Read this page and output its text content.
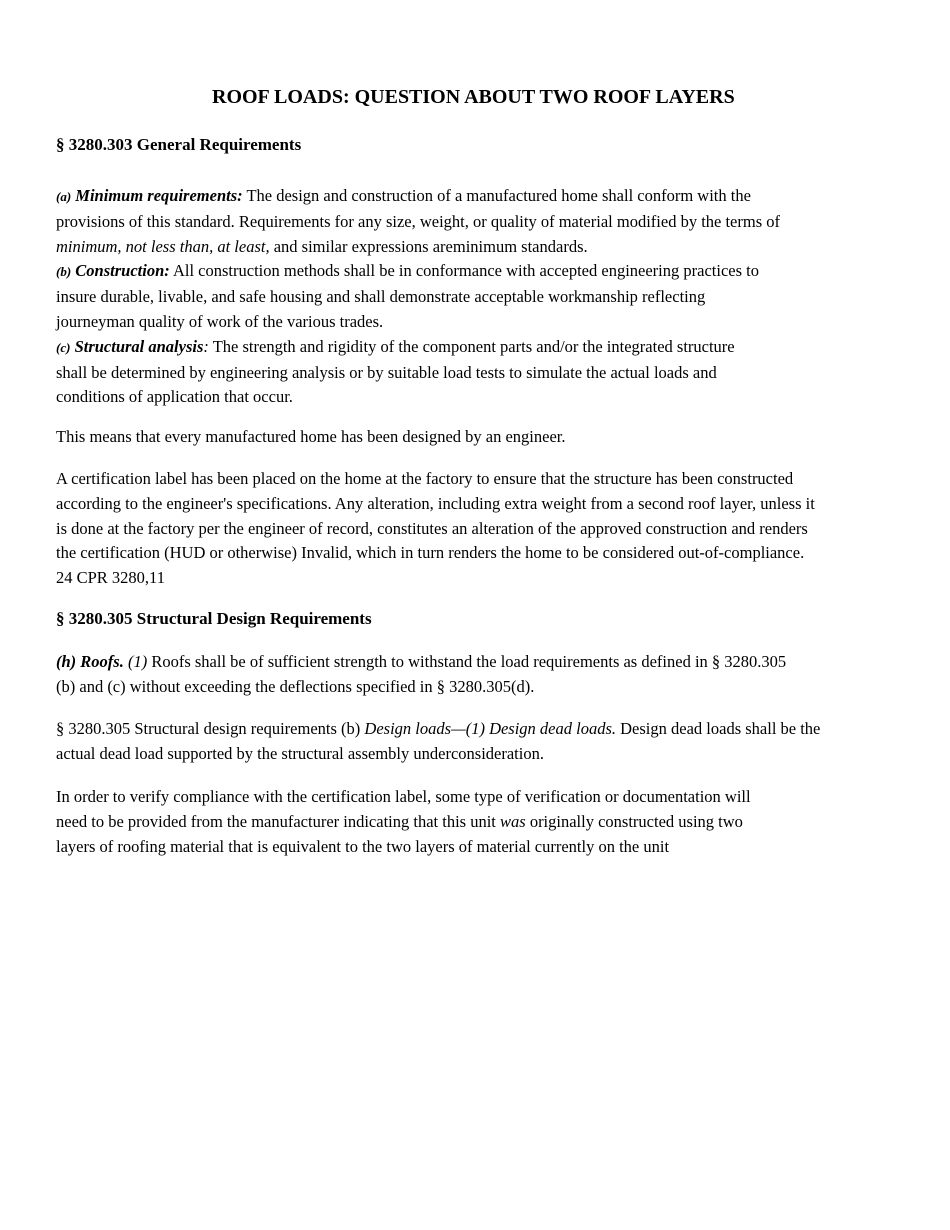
ROOF LOADS: QUESTION ABOUT TWO ROOF LAYERS
§ 3280.303 General Requirements
(a) Minimum requirements: The design and construction of a manufactured home shall conform with the
provisions of this standard. Requirements for any size, weight, or quality of material modified by the terms of
minimum, not less than, at least, and similar expressions areminimum standards.
(b) Construction: All construction methods shall be in conformance with accepted engineering practices to
insure durable, livable, and safe housing and shall demonstrate acceptable workmanship reflecting
journeyman quality of work of the various trades.
(c) Structural analysis: The strength and rigidity of the component parts and/or the integrated structure
shall be determined by engineering analysis or by suitable load tests to simulate the actual loads and
conditions of application that occur.
This means that every manufactured home has been designed by an engineer.
A certification label has been placed on the home at the factory to ensure that the structure has been constructed
according to the engineer's specifications. Any alteration, including extra weight from a second roof layer, unless it
is done at the factory per the engineer of record, constitutes an alteration of the approved construction and renders
the certification (HUD or otherwise) Invalid, which in turn renders the home to be considered out-of-compliance.
24 CPR 3280,11
§ 3280.305 Structural Design Requirements
(h) Roofs. (1) Roofs shall be of sufficient strength to withstand the load requirements as defined in § 3280.305
(b) and (c) without exceeding the deflections specified in § 3280.305(d).
§ 3280.305 Structural design requirements (b) Design loads—(1) Design dead loads. Design dead loads shall be the
actual dead load supported by the structural assembly underconsideration.
In order to verify compliance with the certification label, some type of verification or documentation will
need to be provided from the manufacturer indicating that this unit was originally constructed using two
layers of roofing material that is equivalent to the two layers of material currently on the unit
